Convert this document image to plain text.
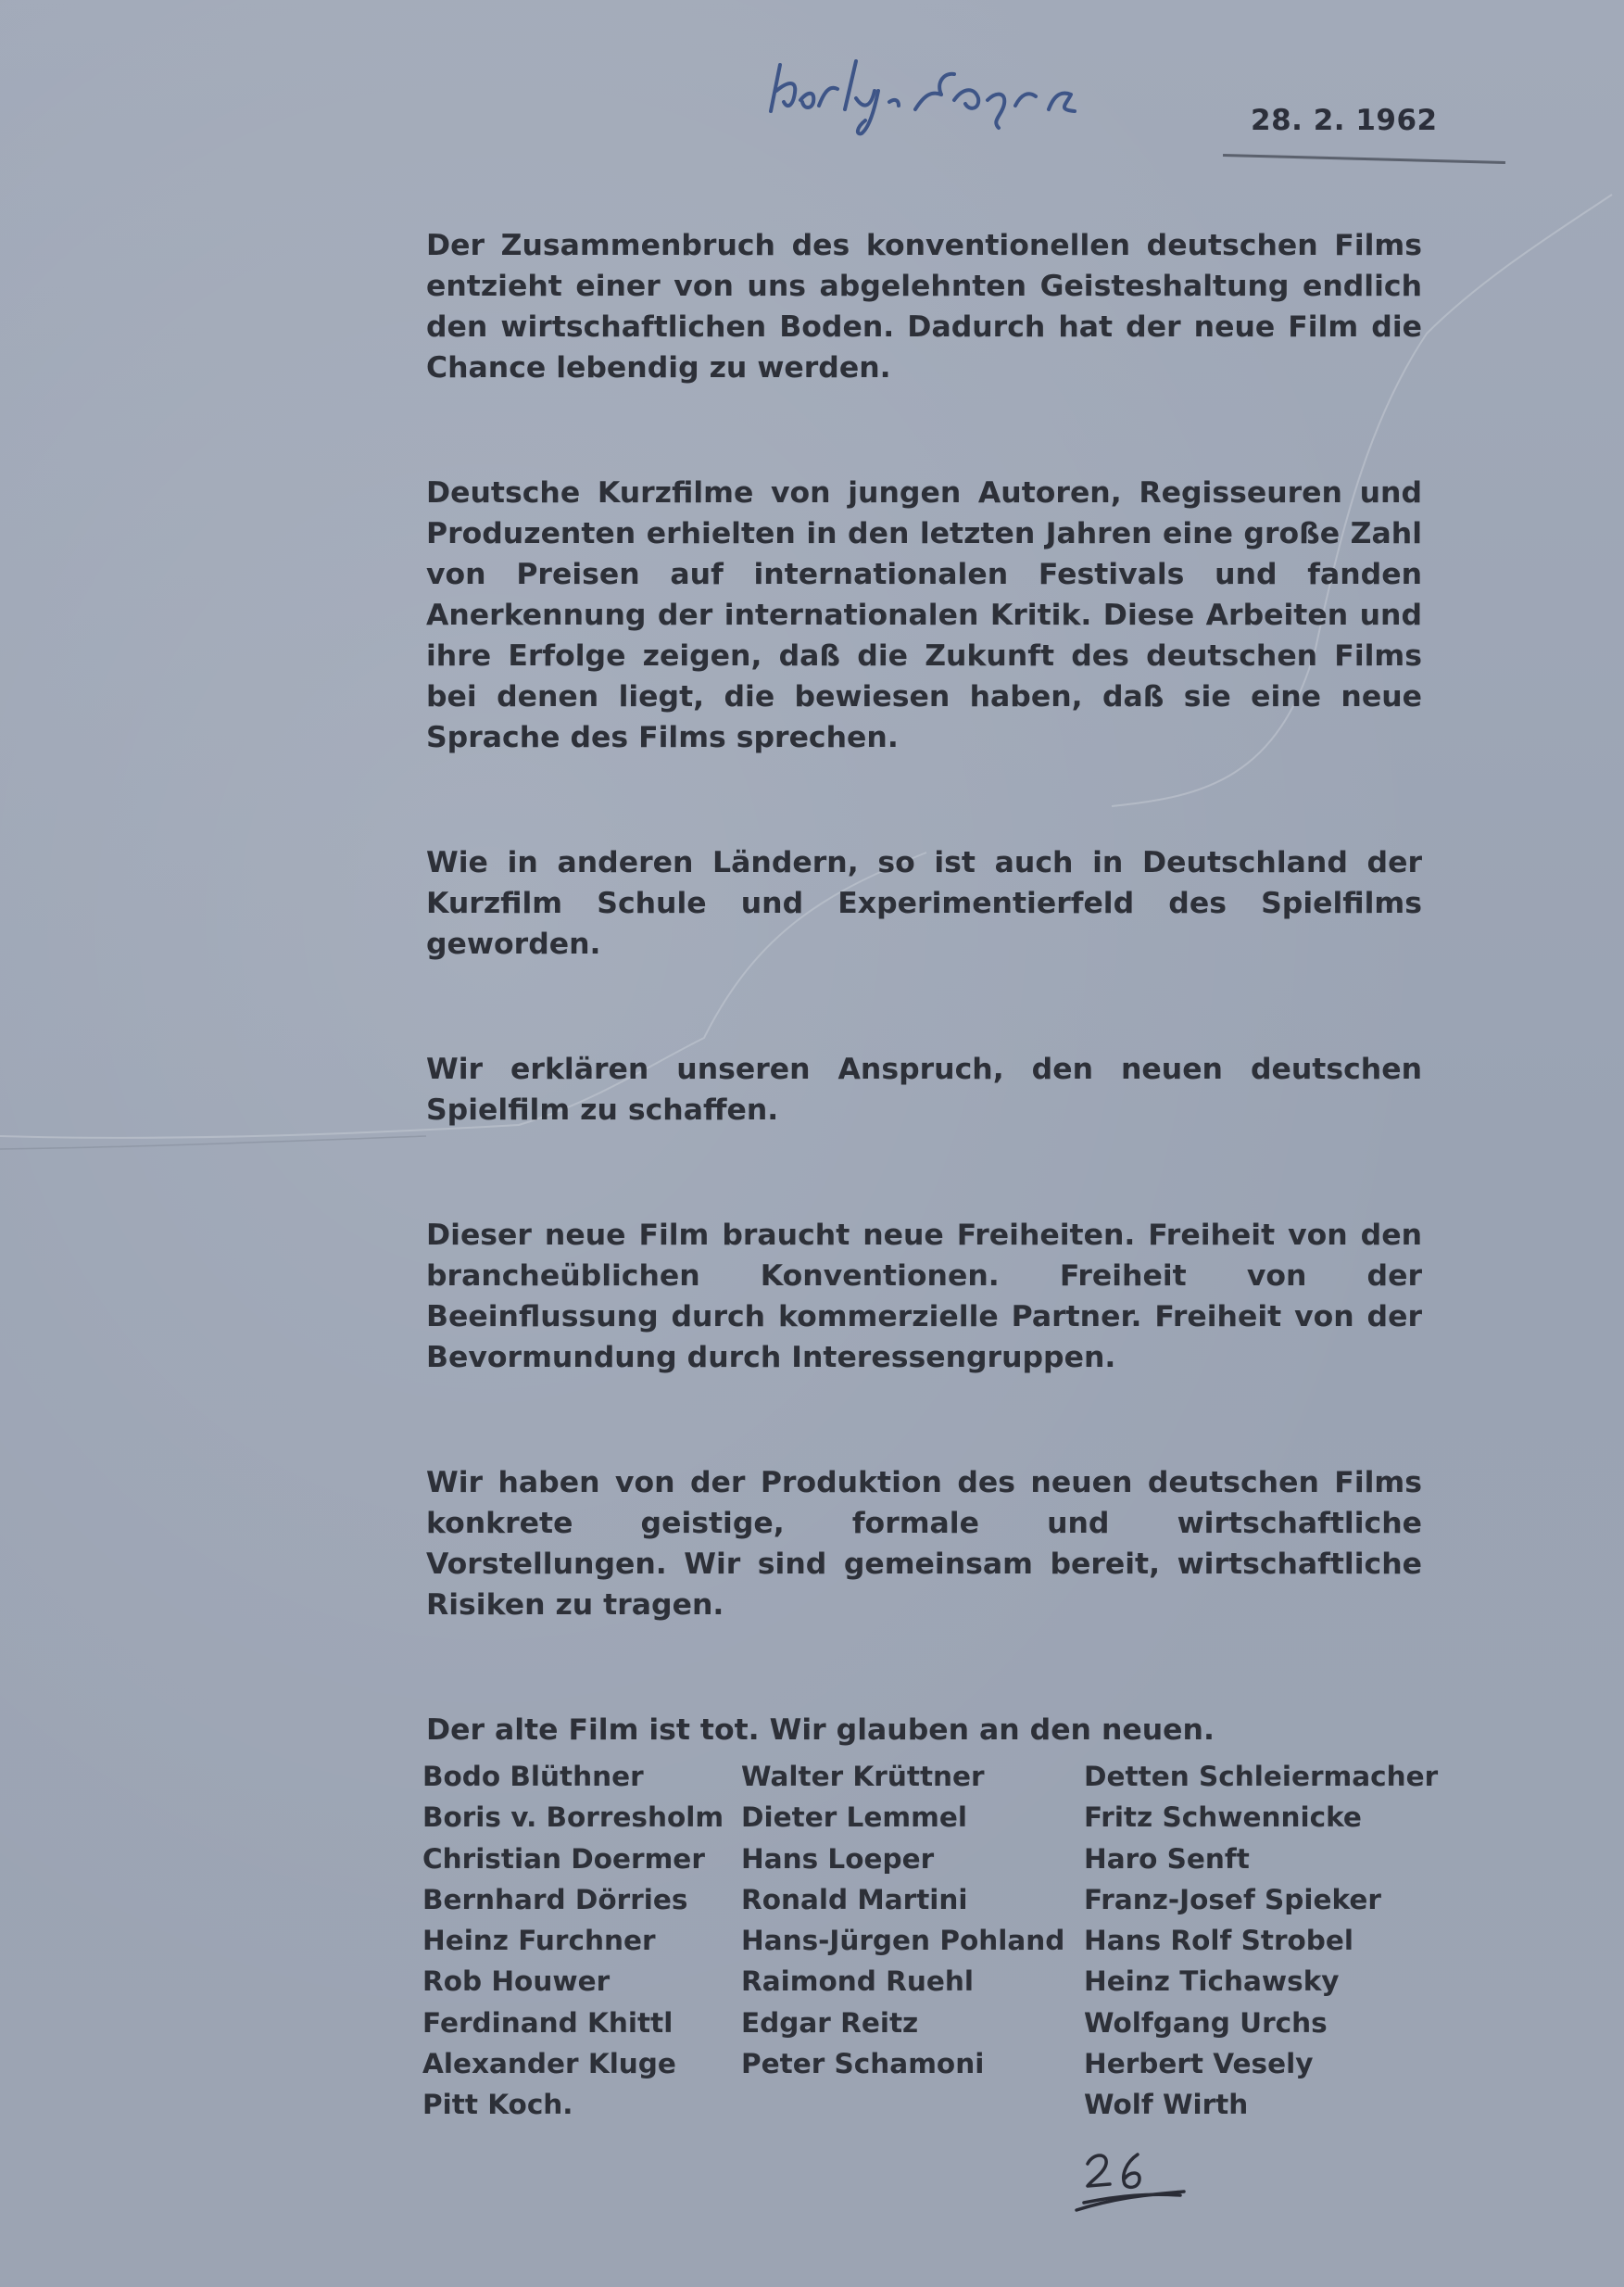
28. 2. 1962

Der Zusammenbruch des konventionellen deutschen Films entzieht einer von uns abgelehnten Geisteshaltung endlich den wirtschaftlichen Boden. Dadurch hat der neue Film die Chance lebendig zu werden.

Deutsche Kurzfilme von jungen Autoren, Regisseuren und Produzenten erhielten in den letzten Jahren eine große Zahl von Preisen auf internationalen Festivals und fanden Anerkennung der internationalen Kritik. Diese Arbeiten und ihre Erfolge zeigen, daß die Zukunft des deutschen Films bei denen liegt, die bewiesen haben, daß sie eine neue Sprache des Films sprechen.

Wie in anderen Ländern, so ist auch in Deutschland der Kurzfilm Schule und Experimentierfeld des Spielfilms geworden.

Wir erklären unseren Anspruch, den neuen deutschen Spielfilm zu schaffen.

Dieser neue Film braucht neue Freiheiten. Freiheit von den brancheüblichen Konventionen. Freiheit von der Beeinflussung durch kommerzielle Partner. Freiheit von der Bevormundung durch Interessengruppen.

Wir haben von der Produktion des neuen deutschen Films konkrete geistige, formale und wirtschaftliche Vorstellungen. Wir sind gemeinsam bereit, wirtschaftliche Risiken zu tragen.

Der alte Film ist tot. Wir glauben an den neuen.

Bodo Blüthner
Boris v. Borresholm
Christian Doermer
Bernhard Dörries
Heinz Furchner
Rob Houwer
Ferdinand Khittl
Alexander Kluge
Pitt Koch.
Walter Krüttner
Dieter Lemmel
Hans Loeper
Ronald Martini
Hans-Jürgen Pohland
Raimond Ruehl
Edgar Reitz
Peter Schamoni
Detten Schleiermacher
Fritz Schwennicke
Haro Senft
Franz-Josef Spieker
Hans Rolf Strobel
Heinz Tichawsky
Wolfgang Urchs
Herbert Vesely
Wolf Wirth
